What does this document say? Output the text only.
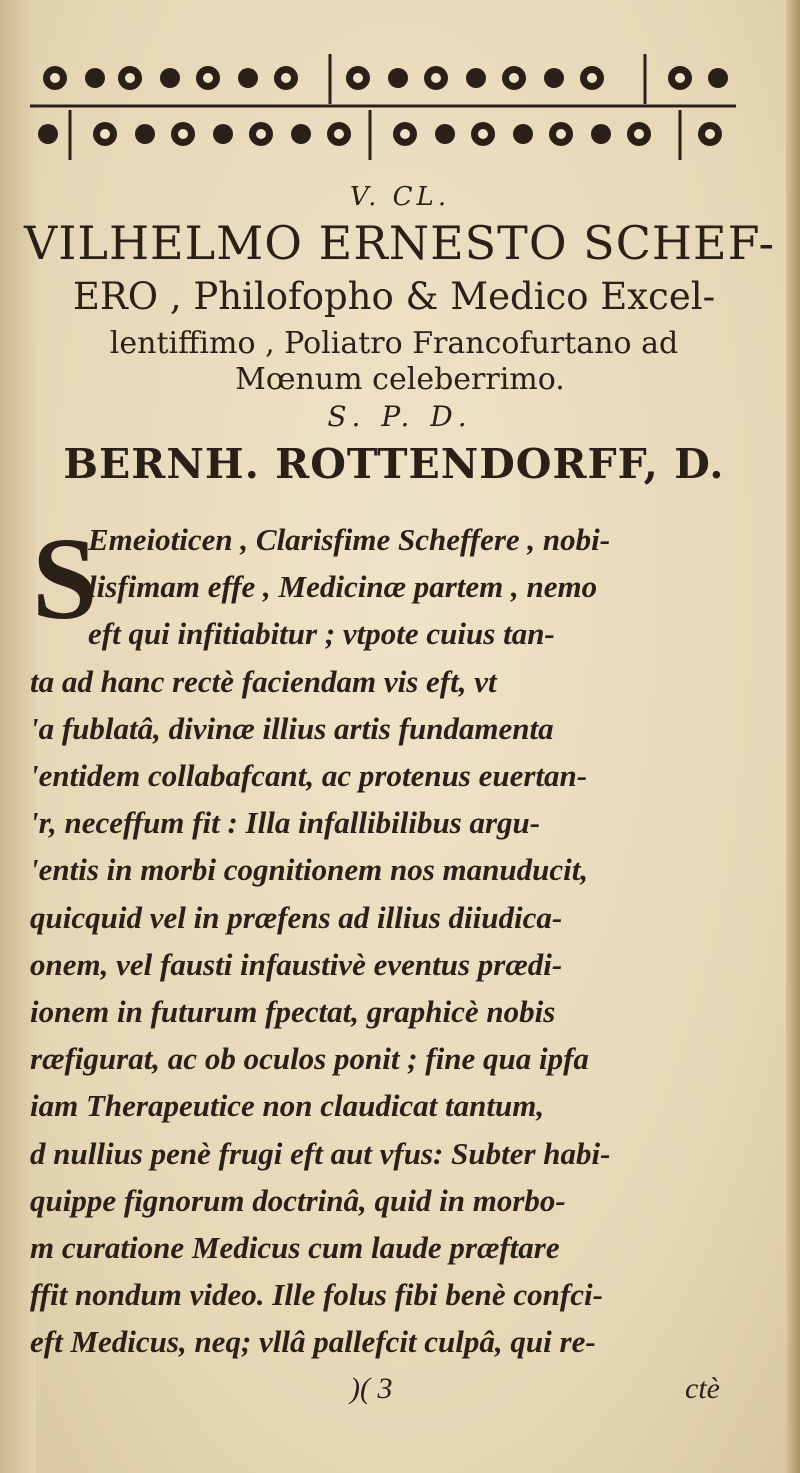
V. CL.
VILHELMO ERNESTO SCHEF-
ERO , Philofopho & Medico Excel-
lentiffimo , Poliatro Francofurtano ad
Mœnum celeberrimo.
S. P. D.
BERNH. ROTTENDORFF, D.
S
Emeioticen , Clarisfime Scheffere , nobi-
lisfimam effe , Medicinæ partem , nemo
eft qui infitiabitur ; vtpote cuius tan-
ta ad hanc rectè faciendam vis eft, vt
'a fublatâ, divinæ illius artis fundamenta
'entidem collabafcant, ac protenus euertan-
'r, neceffum fit : Illa infallibilibus argu-
'entis in morbi cognitionem nos manuducit,
quicquid vel in præfens ad illius diiudica-
onem, vel fausti infaustivè eventus prædi-
ionem in futurum fpectat, graphicè nobis
ræfigurat, ac ob oculos ponit ; fine qua ipfa
iam Therapeutice non claudicat tantum,
d nullius penè frugi eft aut vfus: Subter habi-
quippe fignorum doctrinâ, quid in morbo-
m curatione Medicus cum laude præftare
ffit nondum video. Ille folus fibi benè confci-
eft Medicus, neq; vllâ pallefcit culpâ, qui re-
)( 3	ctè
